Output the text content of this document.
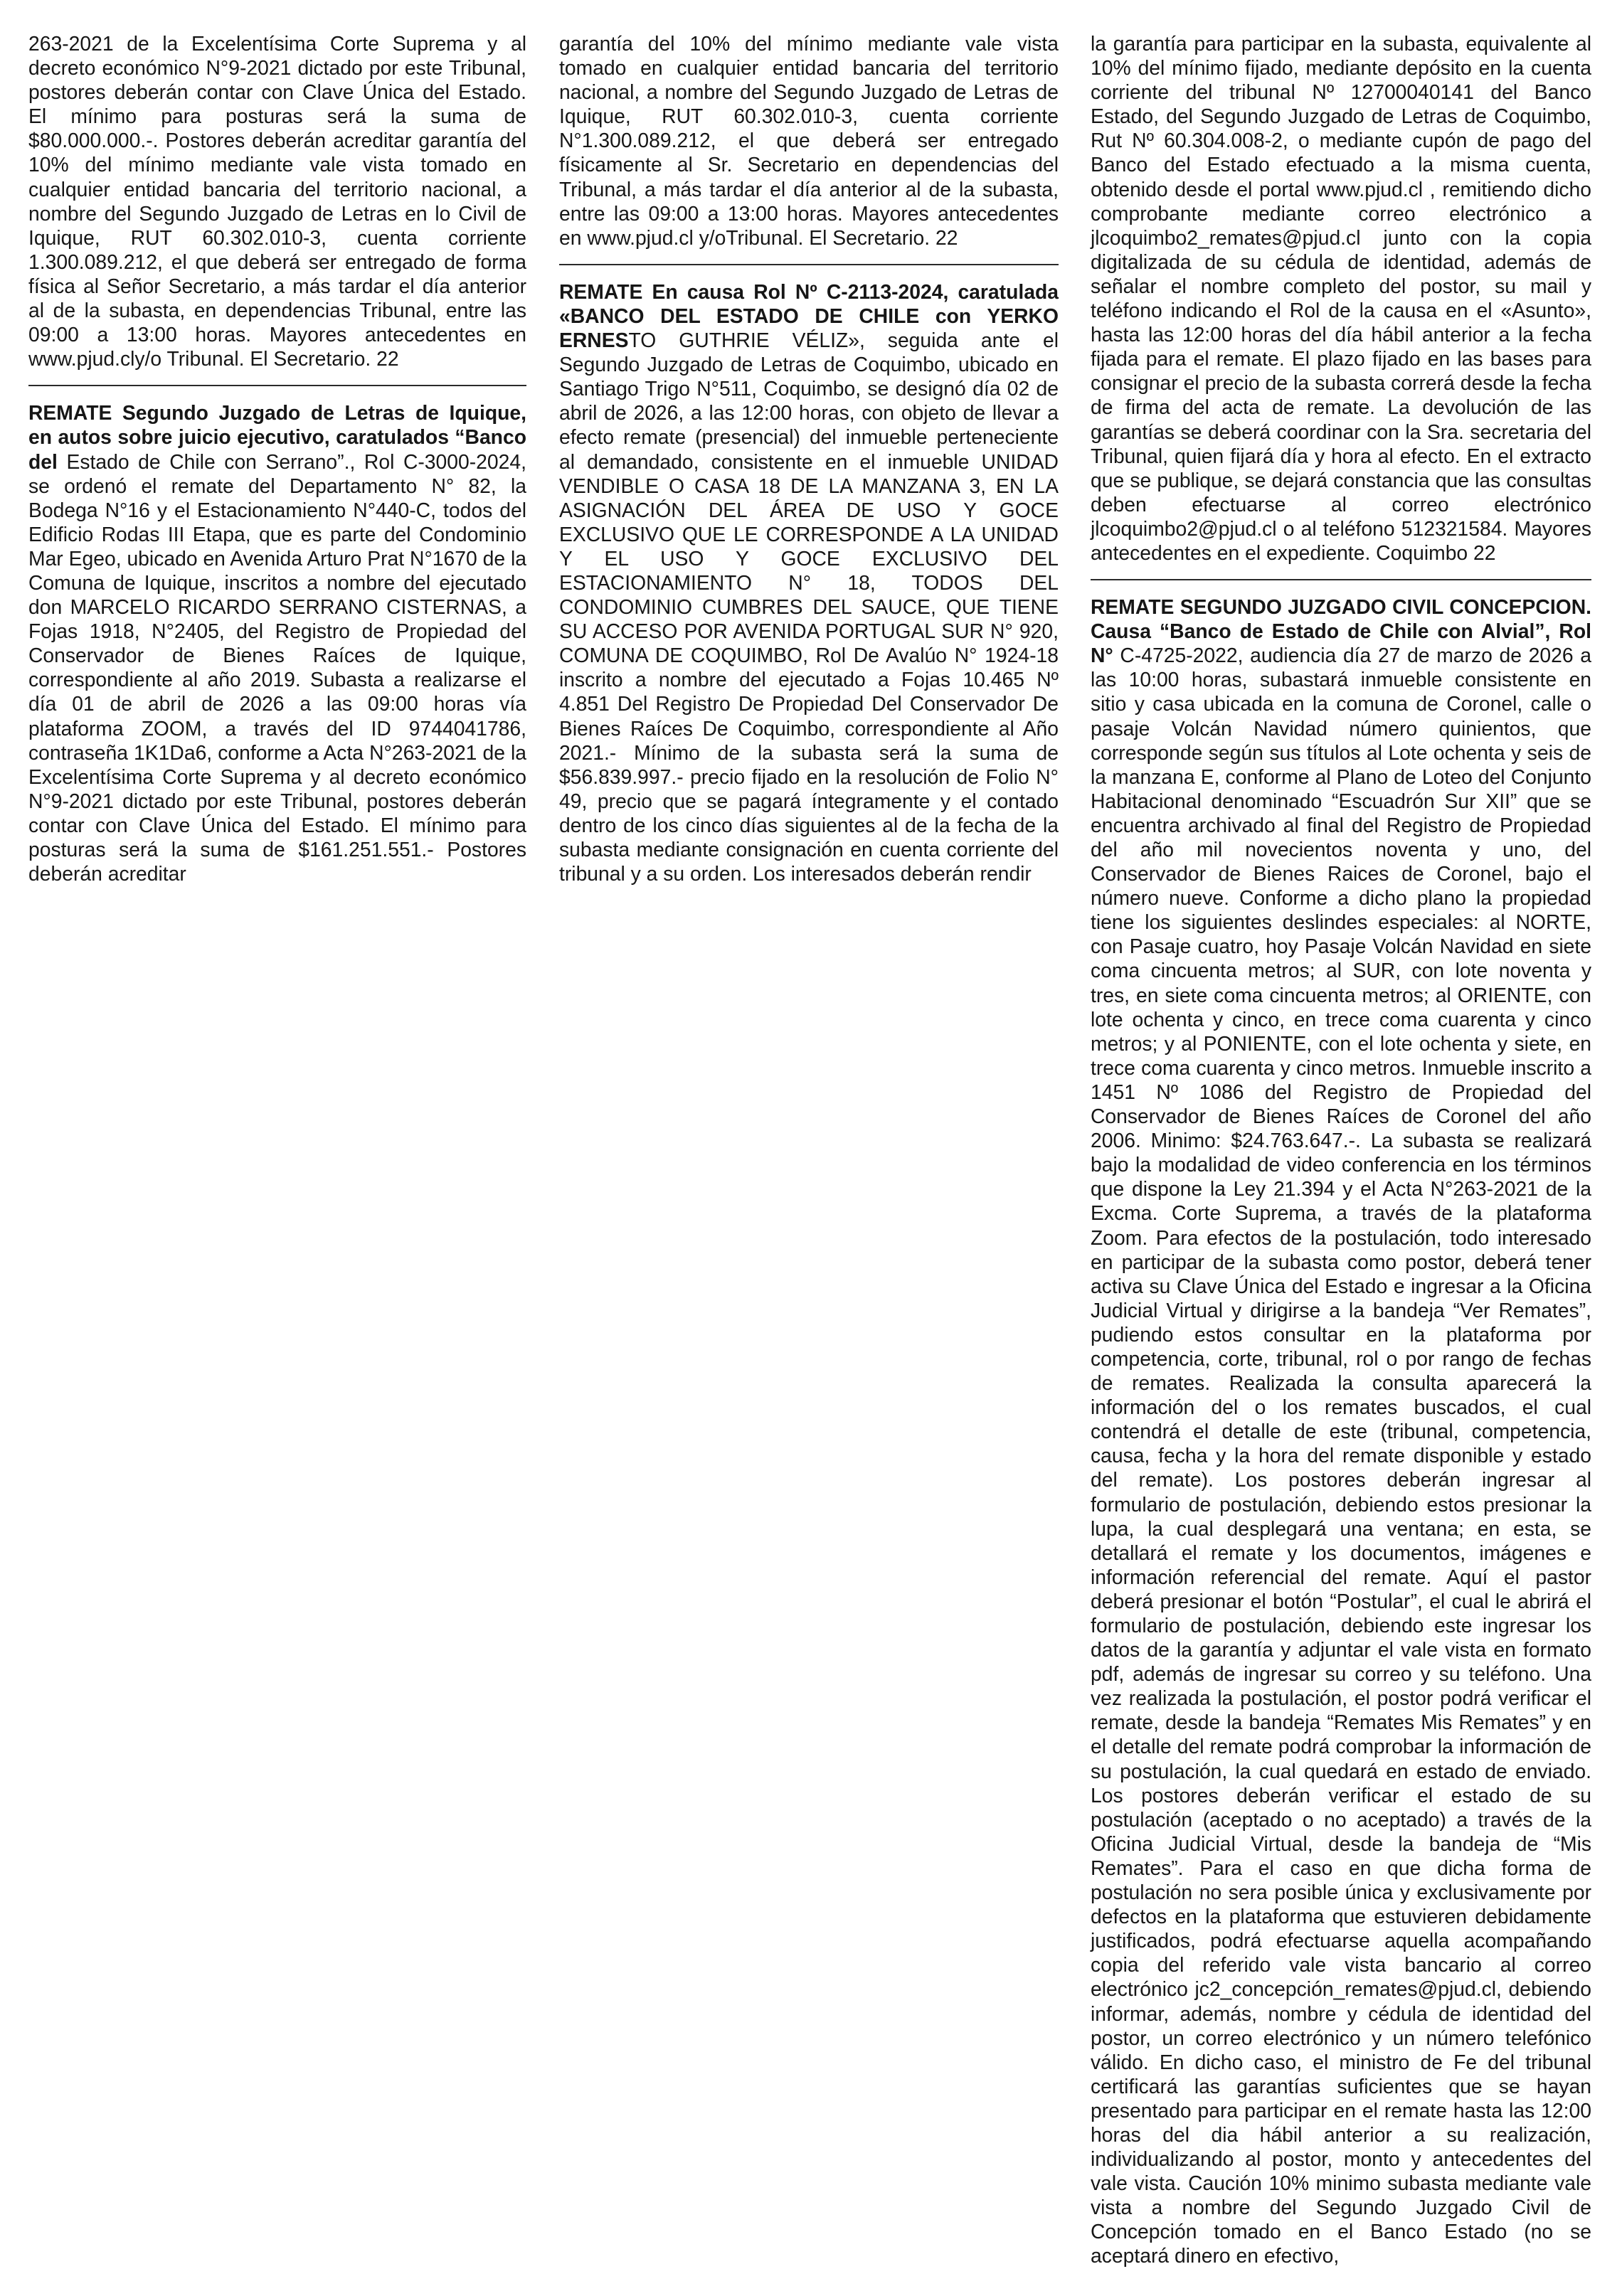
263-2021 de la Excelentísima Corte Suprema y al decreto económico N°9-2021 dictado por este Tribunal, postores deberán contar con Clave Única del Estado. El mínimo para posturas será la suma de $80.000.000.-. Postores deberán acreditar garantía del 10% del mínimo mediante vale vista tomado en cualquier entidad bancaria del territorio nacional, a nombre del Segundo Juzgado de Letras en lo Civil de Iquique, RUT 60.302.010-3, cuenta corriente 1.300.089.212, el que deberá ser entregado de forma física al Señor Secretario, a más tardar el día anterior al de la subasta, en dependencias Tribunal, entre las 09:00 a 13:00 horas. Mayores antecedentes en www.pjud.cly/o Tribunal. El Secretario. 22

REMATE Segundo Juzgado de Letras de Iquique, en autos sobre juicio ejecutivo, caratulados “Banco del Estado de Chile con Serrano”., Rol C-3000-2024, se ordenó el remate del Departamento N° 82, la Bodega N°16 y el Estacionamiento N°440-C, todos del Edificio Rodas III Etapa, que es parte del Condominio Mar Egeo, ubicado en Avenida Arturo Prat N°1670 de la Comuna de Iquique, inscritos a nombre del ejecutado don MARCELO RICARDO SERRANO CISTERNAS, a Fojas 1918, N°2405, del Registro de Propiedad del Conservador de Bienes Raíces de Iquique, correspondiente al año 2019. Subasta a realizarse el día 01 de abril de 2026 a las 09:00 horas vía plataforma ZOOM, a través del ID 9744041786, contraseña 1K1Da6, conforme a Acta N°263-2021 de la Excelentísima Corte Suprema y al decreto económico N°9-2021 dictado por este Tribunal, postores deberán contar con Clave Única del Estado. El mínimo para posturas será la suma de $161.251.551.- Postores deberán acreditar

garantía del 10% del mínimo mediante vale vista tomado en cualquier entidad bancaria del territorio nacional, a nombre del Segundo Juzgado de Letras de Iquique, RUT 60.302.010-3, cuenta corriente N°1.300.089.212, el que deberá ser entregado físicamente al Sr. Secretario en dependencias del Tribunal, a más tardar el día anterior al de la subasta, entre las 09:00 a 13:00 horas. Mayores antecedentes en www.pjud.cl y/oTribunal. El Secretario. 22

REMATE En causa Rol Nº C-2113-2024, caratulada «BANCO DEL ESTADO DE CHILE con YERKO ERNESTO GUTHRIE VÉLIZ», seguida ante el Segundo Juzgado de Letras de Coquimbo, ubicado en Santiago Trigo N°511, Coquimbo, se designó día 02 de abril de 2026, a las 12:00 horas, con objeto de llevar a efecto remate (presencial) del inmueble perteneciente al demandado, consistente en el inmueble UNIDAD VENDIBLE O CASA 18 DE LA MANZANA 3, EN LA ASIGNACIÓN DEL ÁREA DE USO Y GOCE EXCLUSIVO QUE LE CORRESPONDE A LA UNIDAD Y EL USO Y GOCE EXCLUSIVO DEL ESTACIONAMIENTO N° 18, TODOS DEL CONDOMINIO CUMBRES DEL SAUCE, QUE TIENE SU ACCESO POR AVENIDA PORTUGAL SUR N° 920, COMUNA DE COQUIMBO, Rol De Avalúo N° 1924-18 inscrito a nombre del ejecutado a Fojas 10.465 Nº 4.851 Del Registro De Propiedad Del Conservador De Bienes Raíces De Coquimbo, correspondiente al Año 2021.- Mínimo de la subasta será la suma de $56.839.997.- precio fijado en la resolución de Folio N° 49, precio que se pagará íntegramente y el contado dentro de los cinco días siguientes al de la fecha de la subasta mediante consignación en cuenta corriente del tribunal y a su orden. Los interesados deberán rendir

la garantía para participar en la subasta, equivalente al 10% del mínimo fijado, mediante depósito en la cuenta corriente del tribunal Nº 12700040141 del Banco Estado, del Segundo Juzgado de Letras de Coquimbo, Rut Nº 60.304.008-2, o mediante cupón de pago del Banco del Estado efectuado a la misma cuenta, obtenido desde el portal www.pjud.cl , remitiendo dicho comprobante mediante correo electrónico a jlcoquimbo2_remates@pjud.cl junto con la copia digitalizada de su cédula de identidad, además de señalar el nombre completo del postor, su mail y teléfono indicando el Rol de la causa en el «Asunto», hasta las 12:00 horas del día hábil anterior a la fecha fijada para el remate. El plazo fijado en las bases para consignar el precio de la subasta correrá desde la fecha de firma del acta de remate. La devolución de las garantías se deberá coordinar con la Sra. secretaria del Tribunal, quien fijará día y hora al efecto. En el extracto que se publique, se dejará constancia que las consultas deben efectuarse al correo electrónico jlcoquimbo2@pjud.cl o al teléfono 512321584. Mayores antecedentes en el expediente. Coquimbo 22

REMATE SEGUNDO JUZGADO CIVIL CONCEPCION. Causa “Banco de Estado de Chile con Alvial”, Rol N° C-4725-2022, audiencia día 27 de marzo de 2026 a las 10:00 horas, subastará inmueble consistente en sitio y casa ubicada en la comuna de Coronel, calle o pasaje Volcán Navidad número quinientos, que corresponde según sus títulos al Lote ochenta y seis de la manzana E, conforme al Plano de Loteo del Conjunto Habitacional denominado “Escuadrón Sur XII” que se encuentra archivado al final del Registro de Propiedad del año mil novecientos noventa y uno, del Conservador de Bienes Raices de Coronel, bajo el número nueve. Conforme a dicho plano la propiedad tiene los siguientes deslindes especiales: al NORTE, con Pasaje cuatro, hoy Pasaje Volcán Navidad en siete coma cincuenta metros; al SUR, con lote noventa y tres, en siete coma cincuenta metros; al ORIENTE, con lote ochenta y cinco, en trece coma cuarenta y cinco metros; y al PONIENTE, con el lote ochenta y siete, en trece coma cuarenta y cinco metros. Inmueble inscrito a 1451 Nº 1086 del Registro de Propiedad del Conservador de Bienes Raíces de Coronel del año 2006. Minimo: $24.763.647.-. La subasta se realizará bajo la modalidad de video conferencia en los términos que dispone la Ley 21.394 y el Acta N°263-2021 de la Excma. Corte Suprema, a través de la plataforma Zoom. Para efectos de la postulación, todo interesado en participar de la subasta como postor, deberá tener activa su Clave Única del Estado e ingresar a la Oficina Judicial Virtual y dirigirse a la bandeja “Ver Remates”, pudiendo estos consultar en la plataforma por competencia, corte, tribunal, rol o por rango de fechas de remates. Realizada la consulta aparecerá la información del o los remates buscados, el cual contendrá el detalle de este (tribunal, competencia, causa, fecha y la hora del remate disponible y estado del remate). Los postores deberán ingresar al formulario de postulación, debiendo estos presionar la lupa, la cual desplegará una ventana; en esta, se detallará el remate y los documentos, imágenes e información referencial del remate. Aquí el pastor deberá presionar el botón “Postular”, el cual le abrirá el formulario de postulación, debiendo este ingresar los datos de la garantía y adjuntar el vale vista en formato pdf, además de ingresar su correo y su teléfono. Una vez realizada la postulación, el postor podrá verificar el remate, desde la bandeja “Remates Mis Remates” y en el detalle del remate podrá comprobar la información de su postulación, la cual quedará en estado de enviado. Los postores deberán verificar el estado de su postulación (aceptado o no aceptado) a través de la Oficina Judicial Virtual, desde la bandeja de “Mis Remates”. Para el caso en que dicha forma de postulación no sera posible única y exclusivamente por defectos en la plataforma que estuvieren debidamente justificados, podrá efectuarse aquella acompañando copia del referido vale vista bancario al correo electrónico jc2_concepción_remates@pjud.cl, debiendo informar, además, nombre y cédula de identidad del postor, un correo electrónico y un número telefónico válido. En dicho caso, el ministro de Fe del tribunal certificará las garantías suficientes que se hayan presentado para participar en el remate hasta las 12:00 horas del dia hábil anterior a su realización, individualizando al postor, monto y antecedentes del vale vista. Caución 10% minimo subasta mediante vale vista a nombre del Segundo Juzgado Civil de Concepción tomado en el Banco Estado (no se aceptará dinero en efectivo,
